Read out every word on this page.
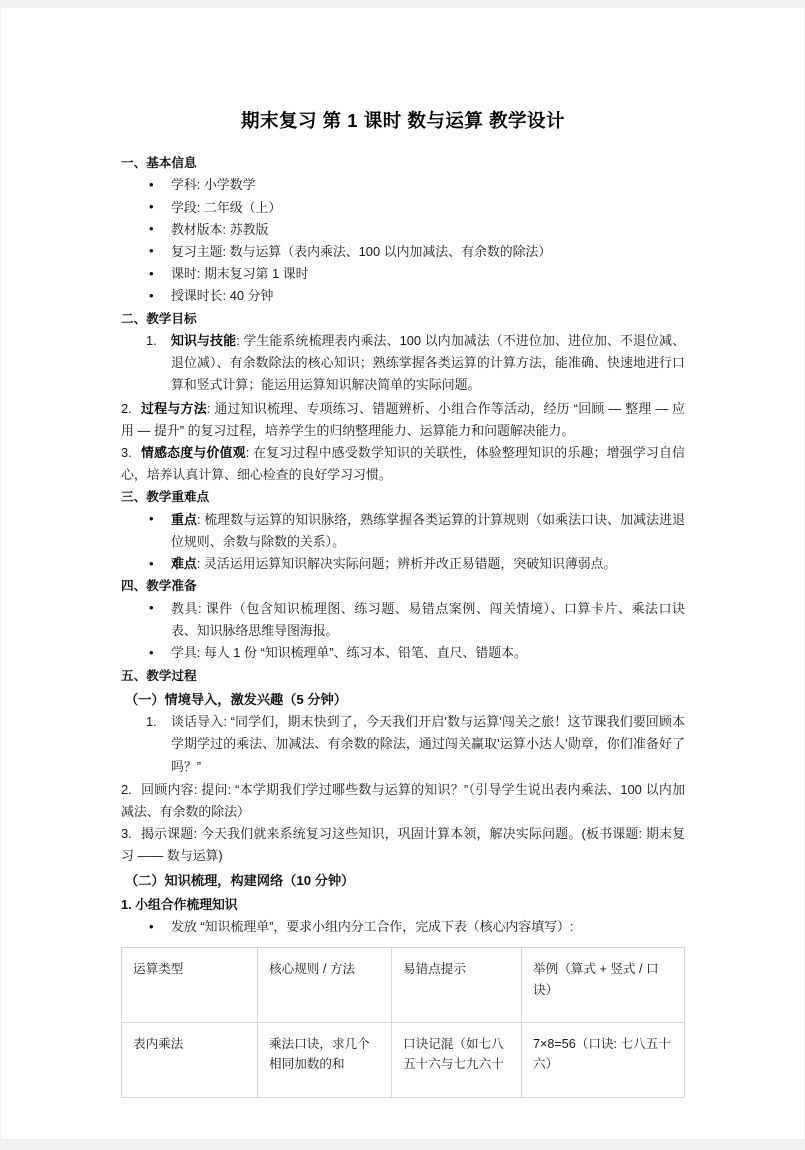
期末复习 第 1 课时 数与运算 教学设计
一、基本信息
• 学科: 小学数学
• 学段: 二年级（上）
• 教材版本: 苏教版
• 复习主题: 数与运算（表内乘法、100 以内加减法、有余数的除法）
• 课时: 期末复习第 1 课时
• 授课时长: 40 分钟
二、教学目标
知识与技能: 学生能系统梳理表内乘法、100 以内加减法（不进位加、进位加、不退位减、退位减）、有余数除法的核心知识；熟练掌握各类运算的计算方法，能准确、快速地进行口算和竖式计算；能运用运算知识解决简单的实际问题。

2. 过程与方法: 通过知识梳理、专项练习、错题辨析、小组合作等活动，经历 “回顾 — 整理 — 应用 — 提升” 的复习过程，培养学生的归纳整理能力、运算能力和问题解决能力。

3. 情感态度与价值观: 在复习过程中感受数学知识的关联性，体验整理知识的乐趣；增强学习自信心，培养认真计算、细心检查的良好学习习惯。

三、教学重难点
• 重点: 梳理数与运算的知识脉络，熟练掌握各类运算的计算规则（如乘法口诀、加减法进退位规则、余数与除数的关系）。
• 难点: 灵活运用运算知识解决实际问题；辨析并改正易错题，突破知识薄弱点。
四、教学准备
• 教具: 课件（包含知识梳理图、练习题、易错点案例、闯关情境）、口算卡片、乘法口诀表、知识脉络思维导图海报。
• 学具: 每人 1 份 “知识梳理单”、练习本、铅笔、直尺、错题本。
五、教学过程
（一）情境导入，激发兴趣（5 分钟）
谈话导入: “同学们，期末快到了，今天我们开启'数与运算'闯关之旅！这节课我们要回顾本学期学过的乘法、加减法、有余数的除法，通过闯关赢取'运算小达人'勋章，你们准备好了吗？”

2. 回顾内容: 提问: “本学期我们学过哪些数与运算的知识？”（引导学生说出表内乘法、100 以内加减法、有余数的除法）

3. 揭示课题: 今天我们就来系统复习这些知识，巩固计算本领，解决实际问题。(板书课题: 期末复习 —— 数与运算)

（二）知识梳理，构建网络（10 分钟）
1. 小组合作梳理知识
• 发放 “知识梳理单”，要求小组内分工合作，完成下表（核心内容填写）:
运算类型	核心规则 / 方法	易错点提示	举例（算式 + 竖式 / 口诀）
表内乘法	乘法口诀，求几个相同加数的和	口诀记混（如七八五十六与七九六十	7×8=56（口诀: 七八五十六）
